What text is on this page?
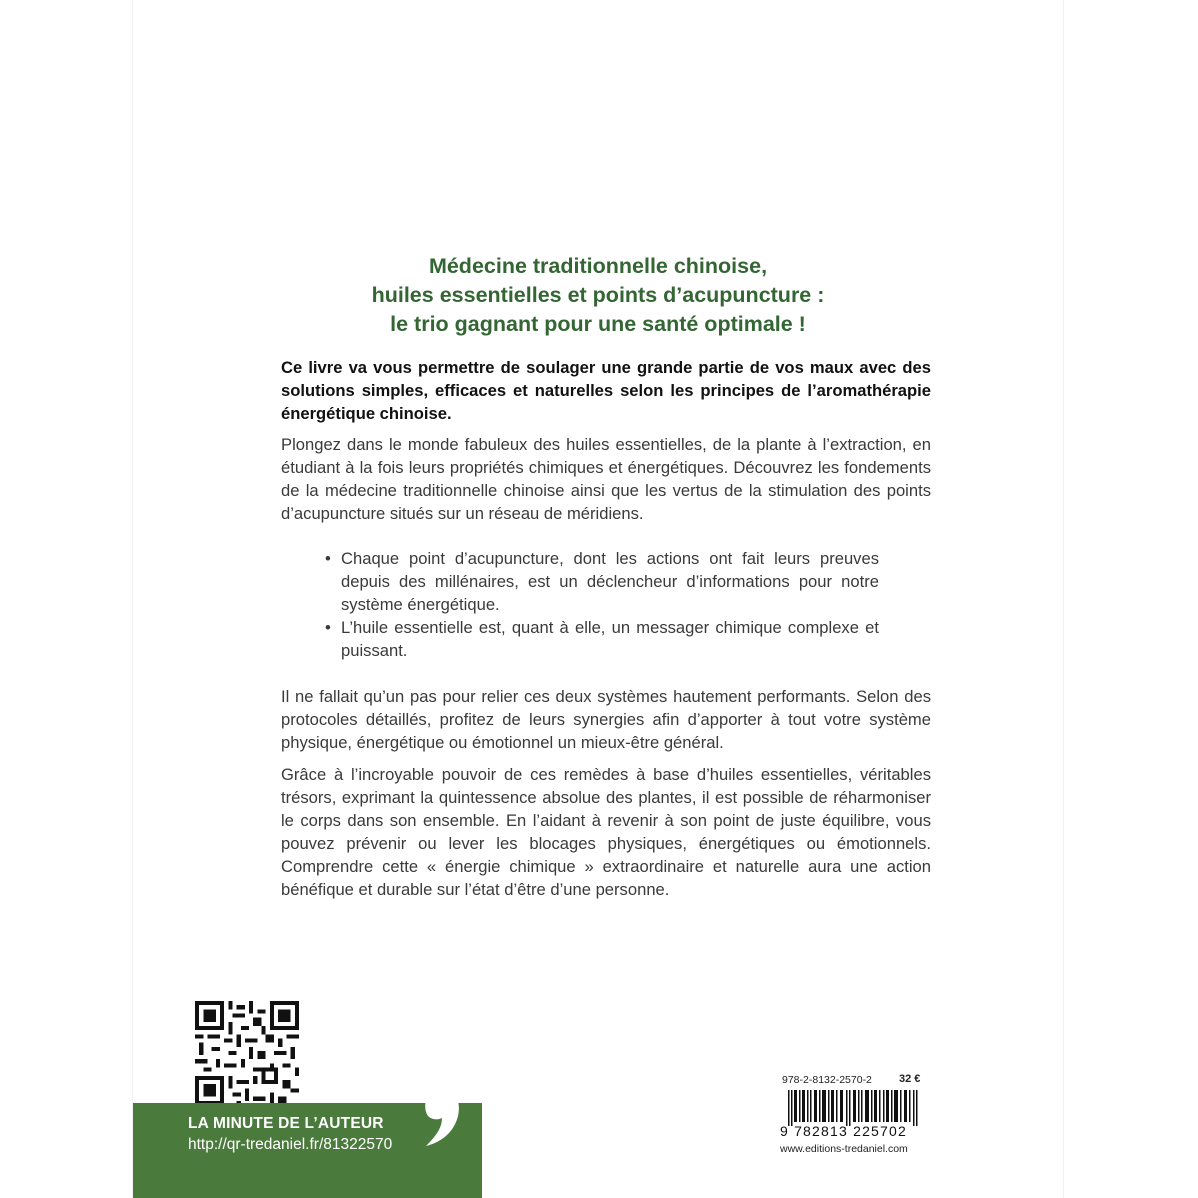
Médecine traditionnelle chinoise,
huiles essentielles et points d’acupuncture :
le trio gagnant pour une santé optimale !
Ce livre va vous permettre de soulager une grande partie de vos maux avec des solutions simples, efficaces et naturelles selon les principes de l’aromathérapie énergétique chinoise.
Plongez dans le monde fabuleux des huiles essentielles, de la plante à l’extraction, en étudiant à la fois leurs propriétés chimiques et énergétiques. Découvrez les fondements de la médecine traditionnelle chinoise ainsi que les vertus de la stimulation des points d’acupuncture situés sur un réseau de méridiens.
• Chaque point d’acupuncture, dont les actions ont fait leurs preuves depuis des millénaires, est un déclencheur d’informations pour notre système énergétique.
• L’huile essentielle est, quant à elle, un messager chimique complexe et puissant.
Il ne fallait qu’un pas pour relier ces deux systèmes hautement performants. Selon des protocoles détaillés, profitez de leurs synergies afin d’apporter à tout votre système physique, énergétique ou émotionnel un mieux-être général.
Grâce à l’incroyable pouvoir de ces remèdes à base d’huiles essentielles, véritables trésors, exprimant la quintessence absolue des plantes, il est possible de réharmoniser le corps dans son ensemble. En l’aidant à revenir à son point de juste équilibre, vous pouvez prévenir ou lever les blocages physiques, énergétiques ou émotionnels. Comprendre cette « énergie chimique » extraordinaire et naturelle aura une action bénéfique et durable sur l’état d’être d’une personne.
LA MINUTE DE L’AUTEUR
http://qr-tredaniel.fr/81322570
978-2-8132-2570-2 32 €
9 782813 225702
www.editions-tredaniel.com
